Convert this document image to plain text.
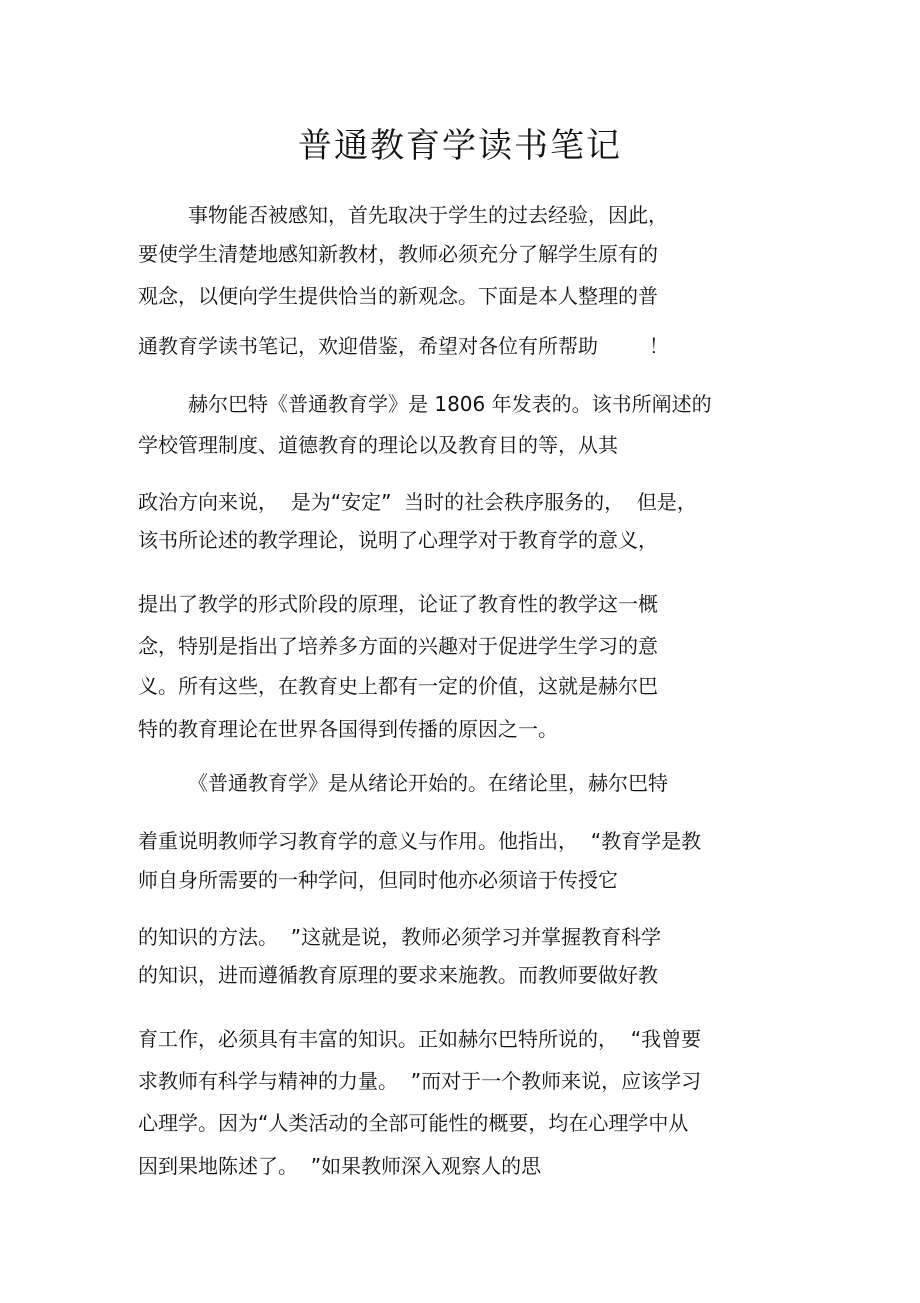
普通教育学读书笔记
事物能否被感知，首先取决于学生的过去经验，因此，
要使学生清楚地感知新教材，教师必须充分了解学生原有的
观念，以便向学生提供恰当的新观念。下面是本人整理的普
通教育学读书笔记，欢迎借鉴，希望对各位有所帮助        ！
赫尔巴特《普通教育学》是 1806 年发表的。该书所阐述的
学校管理制度、道德教育的理论以及教育目的等，从其
政治方向来说，  是为“安定”  当时的社会秩序服务的，  但是，
该书所论述的教学理论，说明了心理学对于教育学的意义，
提出了教学的形式阶段的原理，论证了教育性的教学这一概
念，特别是指出了培养多方面的兴趣对于促进学生学习的意
义。所有这些，在教育史上都有一定的价值，这就是赫尔巴
特的教育理论在世界各国得到传播的原因之一。
《普通教育学》是从绪论开始的。在绪论里，赫尔巴特
着重说明教师学习教育学的意义与作用。他指出，  “教育学是教
师自身所需要的一种学问，但同时他亦必须谙于传授它
的知识的方法。  ”这就是说，教师必须学习并掌握教育科学
的知识，进而遵循教育原理的要求来施教。而教师要做好教
育工作，必须具有丰富的知识。正如赫尔巴特所说的，  “我曾要
求教师有科学与精神的力量。  ”而对于一个教师来说，应该学习
心理学。因为“人类活动的全部可能性的概要，均在心理学中从
因到果地陈述了。  ”如果教师深入观察人的思
